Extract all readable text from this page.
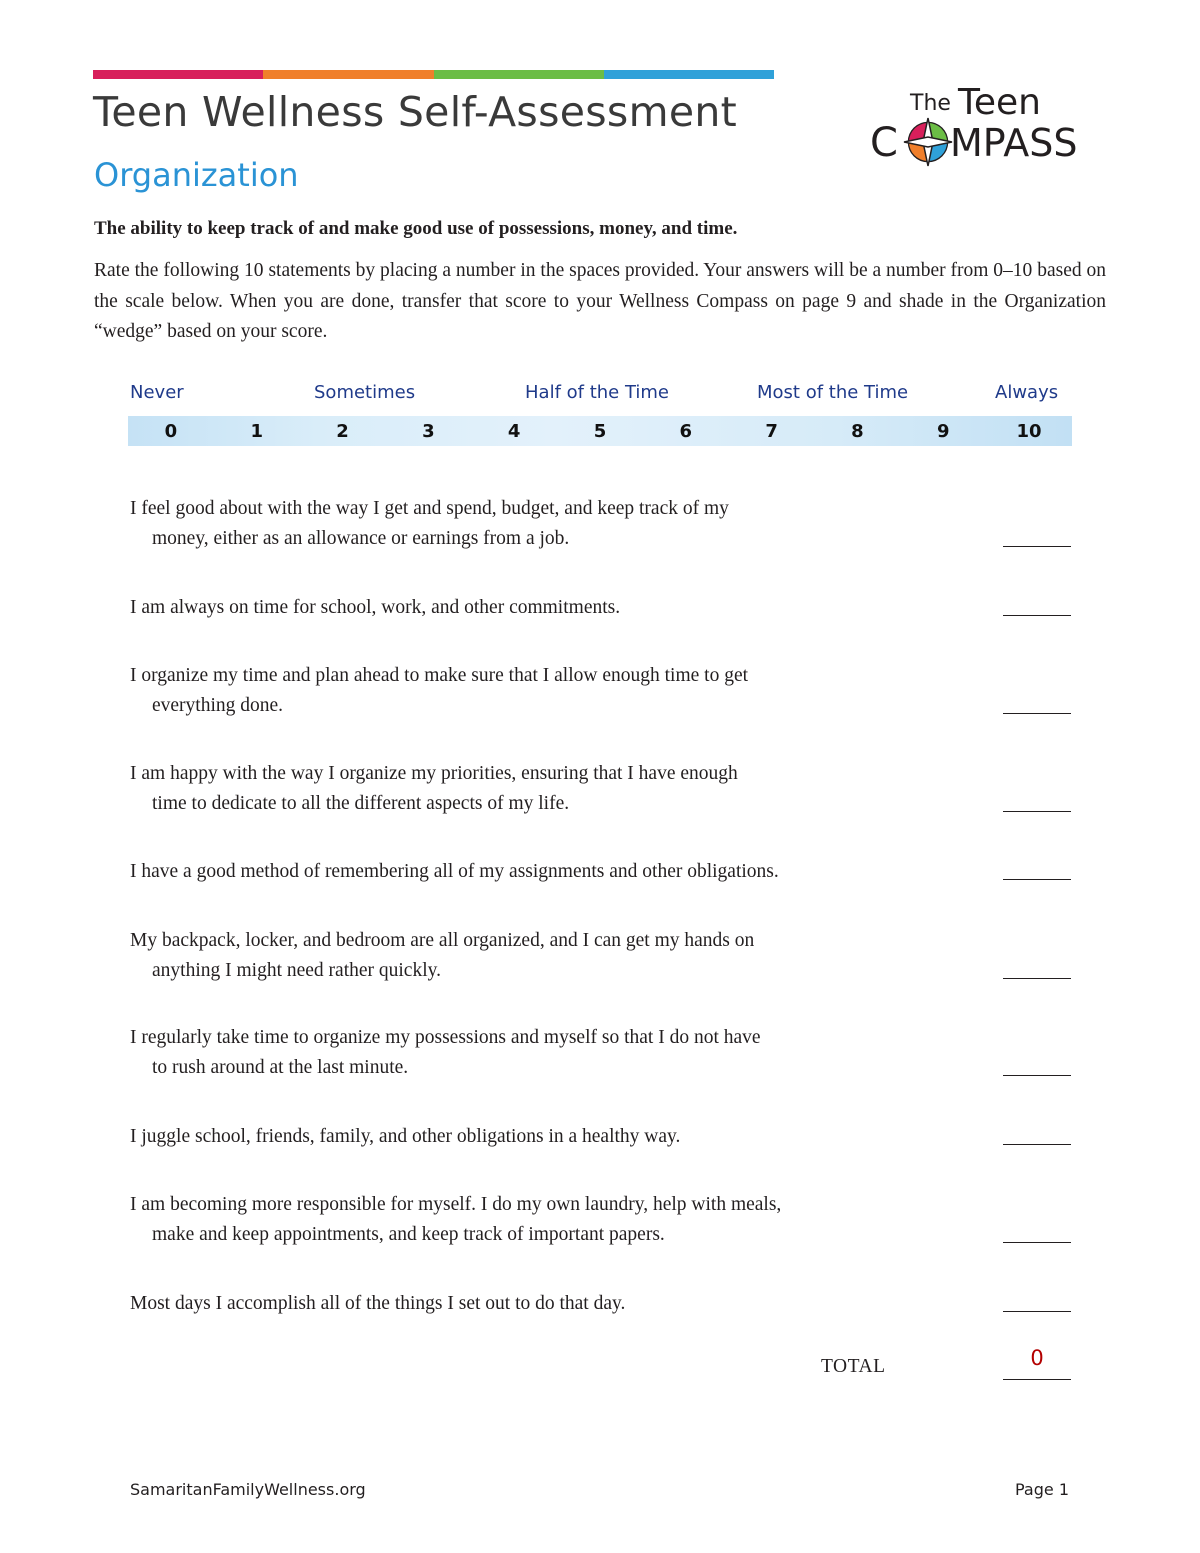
Teen Wellness Self-Assessment
Organization
The Teen
C MPASS
The ability to keep track of and make good use of possessions, money, and time.

Rate the following 10 statements by placing a number in the spaces provided. Your answers will be a number from 0–10 based on the scale below. When you are done, transfer that score to your Wellness Compass on page 9 and shade in the Organization “wedge” based on your score.

Never	Sometimes	Half of the Time	Most of the Time	Always
0	1	2	3	4	5	6	7	8	9	10
I feel good about with the way I get and spend, budget, and keep track of my
money, either as an allowance or earnings from a job.
I am always on time for school, work, and other commitments.
I organize my time and plan ahead to make sure that I allow enough time to get
everything done.
I am happy with the way I organize my priorities, ensuring that I have enough
time to dedicate to all the different aspects of my life.
I have a good method of remembering all of my assignments and other obligations.
My backpack, locker, and bedroom are all organized, and I can get my hands on
anything I might need rather quickly.
I regularly take time to organize my possessions and myself so that I do not have
to rush around at the last minute.
I juggle school, friends, family, and other obligations in a healthy way.
I am becoming more responsible for myself. I do my own laundry, help with meals,
make and keep appointments, and keep track of important papers.
Most days I accomplish all of the things I set out to do that day.
TOTAL	0
SamaritanFamilyWellness.org	Page 1
